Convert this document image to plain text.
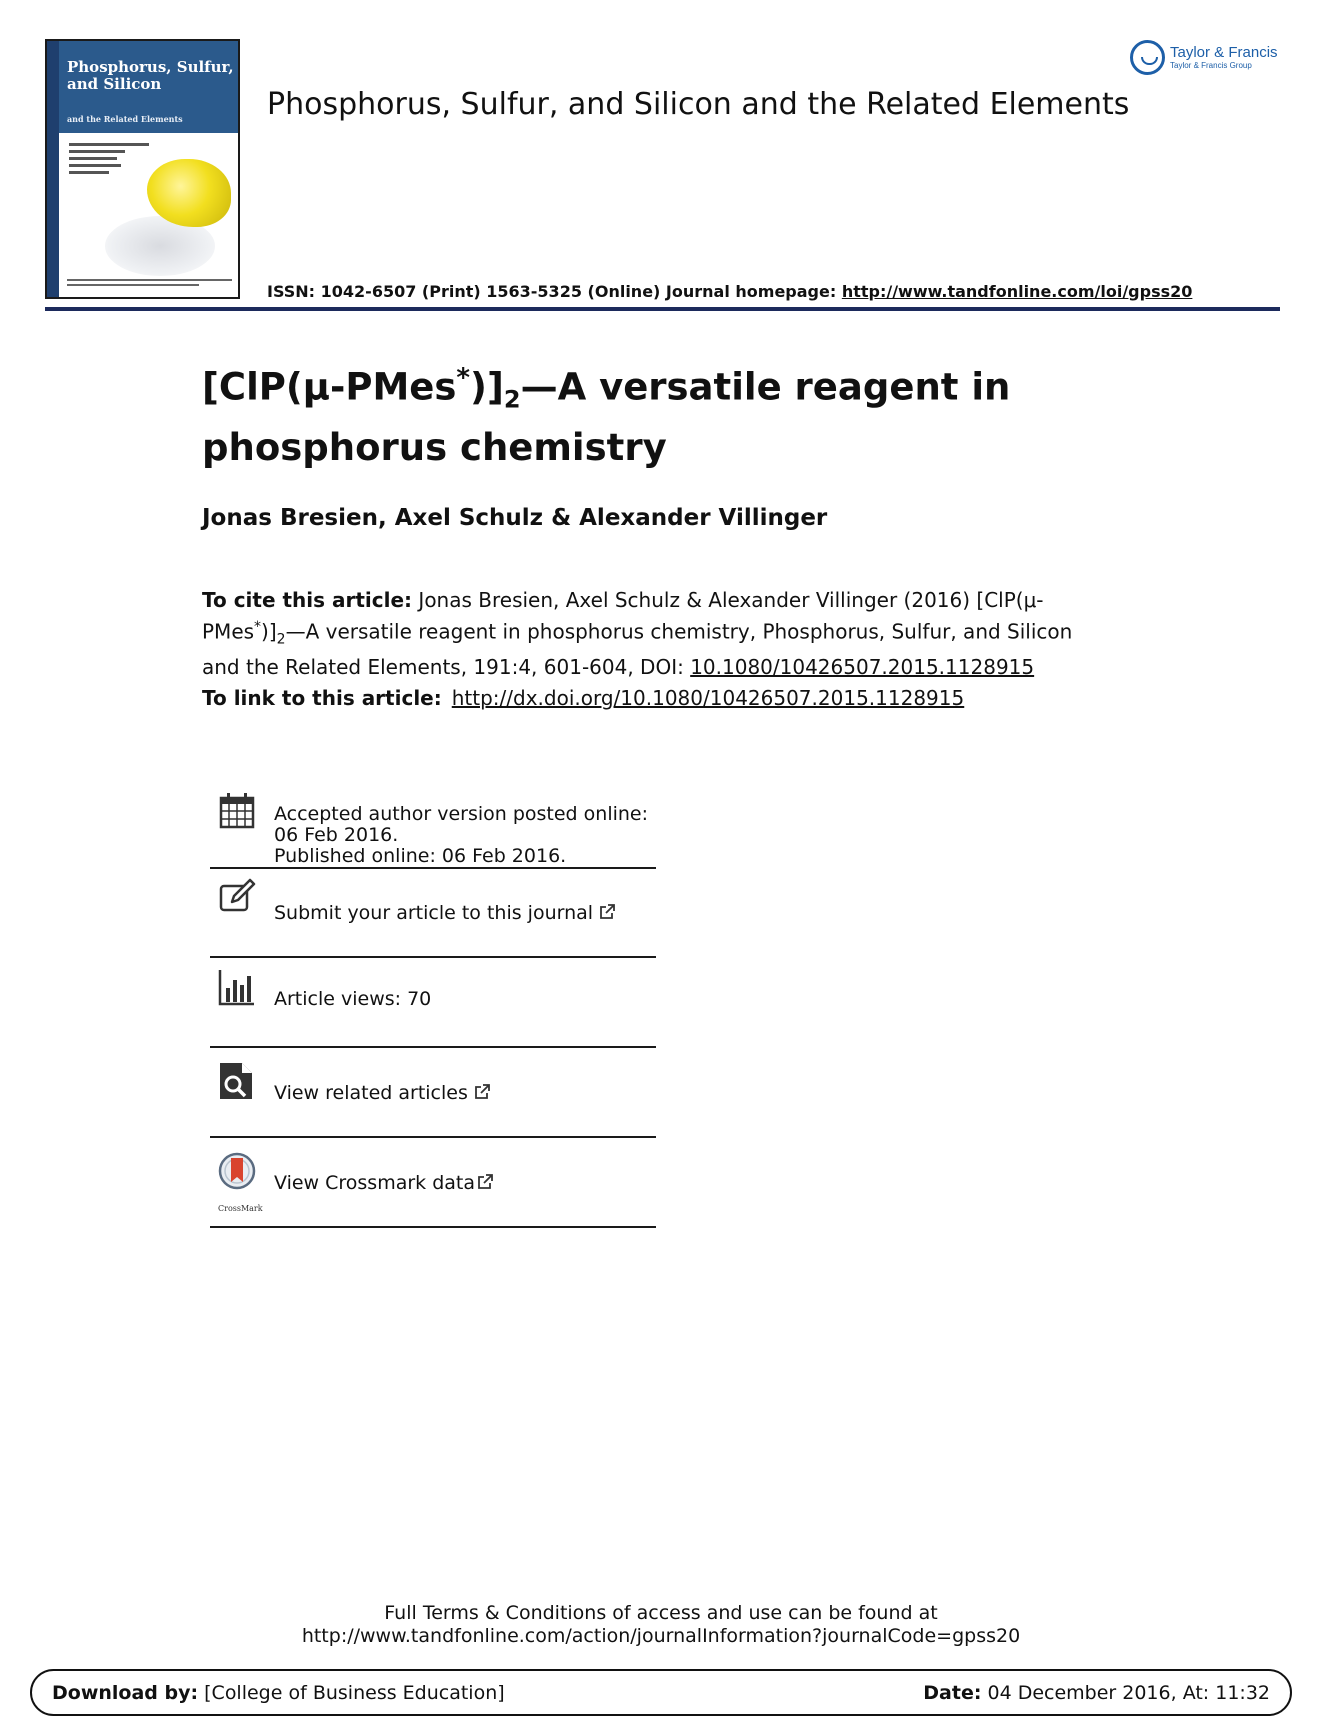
Phosphorus, Sulfur, and Silicon
and the Related Elements
Taylor & Francis
Taylor & Francis Group
Phosphorus, Sulfur, and Silicon and the Related Elements
ISSN: 1042-6507 (Print) 1563-5325 (Online) Journal homepage: http://www.tandfonline.com/loi/gpss20
$[ClP(\mu-PMes^*)]_2—A$ versatile reagent in phosphorus chemistry
Jonas Bresien, Axel Schulz & Alexander Villinger
To cite this article: Jonas Bresien, Axel Schulz & Alexander Villinger (2016) $[ClP(\mu-PMes^*)]_2—A$ versatile reagent in phosphorus chemistry, Phosphorus, Sulfur, and Silicon and the Related Elements, 191:4, 601-604, DOI: 10.1080/10426507.2015.1128915
To link to this article: http://dx.doi.org/10.1080/10426507.2015.1128915
Accepted author version posted online: 06 Feb 2016.
Published online: 06 Feb 2016.
Submit your article to this journal
Article views: 70
View related articles
CrossMark
View Crossmark data
Full Terms & Conditions of access and use can be found at
http://www.tandfonline.com/action/journalInformation?journalCode=gpss20
Download by: [College of Business Education]	Date: 04 December 2016, At: 11:32
